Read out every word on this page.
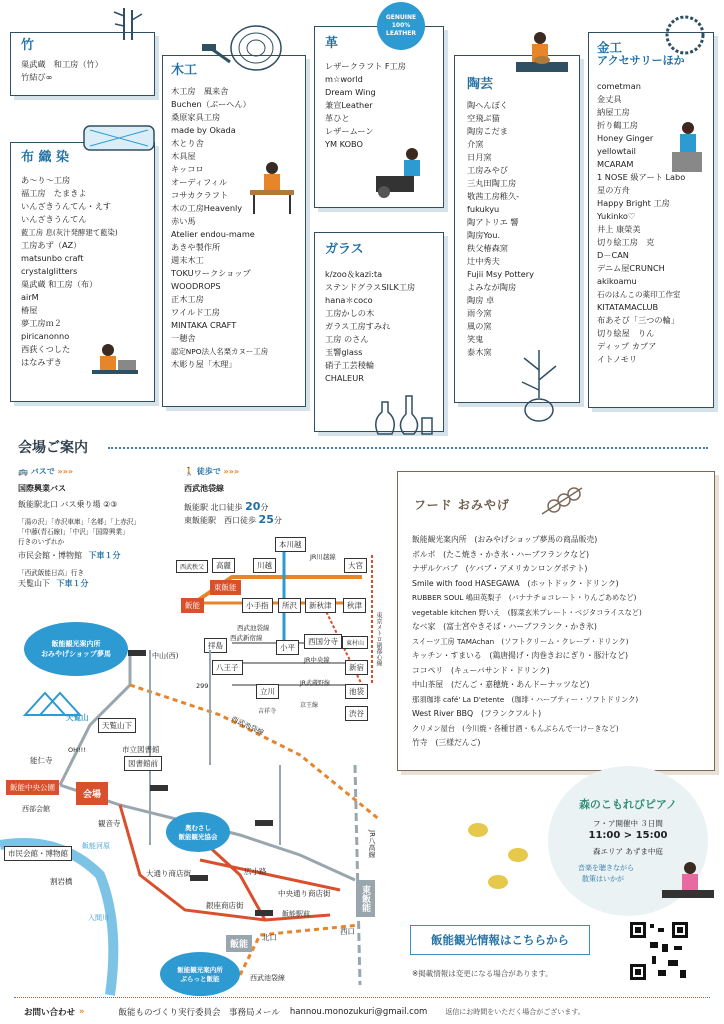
竹
巣武蔵　和工房（竹）
竹結び∞
布 織 染
あ～り～工房
福工房　たまきよ
いんざきうんてん・えす
いんざきうんてん
藍工房 息(灰汁発酵建て藍染)
工房あず（AZ）
matsunbo craft
crystalglitters
巣武蔵 和工房（布）
airM
椿屋
夢工房ｍ２
piricanonno
西荻くつした
はなみずき
木工
木工房　風来舎
Buchen（ぶーへん）
桑原家具工房
made by Okada
木とり舎
木具屋
キッコロ
オーディフィル
コサカクラフト
木の工房Heavenly
赤い馬
Atelier endou-mame
あきや製作所
週末木工
TOKUワークショップ
WOODROPS
正木工房
ワイルド工房
MINTAKA CRAFT
一穂舎
認定NPO法人名栗カヌー工房
木彫り屋「木理」
革
レザークラフト F工房
m☆world
Dream Wing
兼宣Leather
革ひと
レザームーン
YM KOBO
ガラス
k/zoo＆kazi:ta
ステンドグラスSILK工房
hana＊coco
工房かしの木
ガラス工房すみれ
工房 のさん
玉響glass
硝子工芸稜輪
CHALEUR
陶芸
陶へんぼく
空飛ぶ猫
陶房こだま
介窯
日月窯
工房みやび
三丸田陶工房
敬茜工房稚久-
fukukyu
陶アトリエ 響
陶房You.
秩父椿森窯
辻中秀夫
Fujii Msy Pottery
よみなが陶房
陶房 卓
雨今窯
風の窯
笑鬼
泰木窯
金工
アクセサリーほか
cometman
金丈具
納屋工房
折り鶴工房
Honey Ginger
yellowtail
MCARAM
1 NOSE 級アート Labo
星の方舟
Happy Bright 工房
Yukinko♡
井上 康榮美
切り絵工房　克
D－CAN
デニム屋CRUNCH
akikoamu
石のはんこの薬印工作室
KITATAMACLUB
布あそび「三つの輪」
切り絵屋　りん
ディップ カプア
イトノモリ
GENUINE
100%
LEATHER
会場ご案内
🚌 バスで »»»
国際興業バス
飯能駅北口 バス乗り場 ②③
「湯の沢」「赤沢車庫」「名郷」「上赤沢」
「中藤(青石線)」「中沢」「国際興業」
行きのいずれか
市民会館・博物館 下車１分
「西武飯能日高」行き
天覧山下 下車１分
🚶 徒歩で »»»
西武池袋線
飯能駅 北口徒歩 20分
東飯能駅　西口徒歩 25分
本川越
JR川越線
高麗	川越	大宮
西武秩父
東飯能
飯能	小手指	所沢	秋津
新秋津
拝島
西武新宿線	西国分寺
小平	東村山
JR中央線
八王子	新宿
池袋
渋谷
立川
西武池袋線
JR武蔵野線
東京メトロ副都心線
京王線
吉祥寺
飯能観光案内所
おみやげショップ夢馬
奥むさし
飯能観光協会
飯能観光案内所
ぷらっと飯能
中山(西)
天覧山
天覧山下
能仁寺
OH!!!	市立図書館
図書館前
飯能中央公園
会場
西部会館
観音寺
市民会館・博物館
割岩橋
入間川
飯能河原
広小路
大通り商店街
中央通り商店街
銀座商店街
北口
飯能
飯能駅前
東飯能
西口
JR八高線
西武池袋線
西武池袋線
299
フード おみやげ
飯能観光案内所　(おみやげショップ夢馬の商品販売)
ボルボ　(たこ焼き・かき氷・ハーブフランクなど)
ナザルケバブ　(ケバブ・アメリカンロングポテト)
Smile with food HASEGAWA　(ホットドック・ドリンク)
RUBBER SOUL 嶋田英梨子　(バナナチョコレート・りんごあめなど)
vegetable kitchen 野いえ　(豚菜玄米プレート・ベジタコライスなど)
なべ家　(富士宮やきそば・ハーブフランク・かき氷)
スイーツ工房 TAMAchan　(ソフトクリーム・クレープ・ドリンク)
キッチン・すまいる　(鶏唐揚げ・肉巻きおにぎり・豚汁など)
ココペリ　(キューバサンド・ドリンク)
中山茶屋　(だんご・嘉穂焼・あんドーナッツなど)
那須珈琲 café' La D'etente　(珈琲・ハーブティー・ソフトドリンク)
West River BBQ　(フランクフルト)
クリメン屋台　(今川焼・各種甘酒・もんぶらんで一けーきなど)
竹寺　(三様だんご)
森のこもれびピアノ
フ・ア開催中 ３日間
11:00 > 15:00
森エリア あずま中庭
音楽を聴きながら
散策はいかが
飯能観光情報はこちらから
※掲載情報は変更になる場合があります。
お問い合わせ »	飯能ものづくり実行委員会　事務局メール hannou.monozukuri@gmail.com	返信にお時間をいただく場合がございます。
